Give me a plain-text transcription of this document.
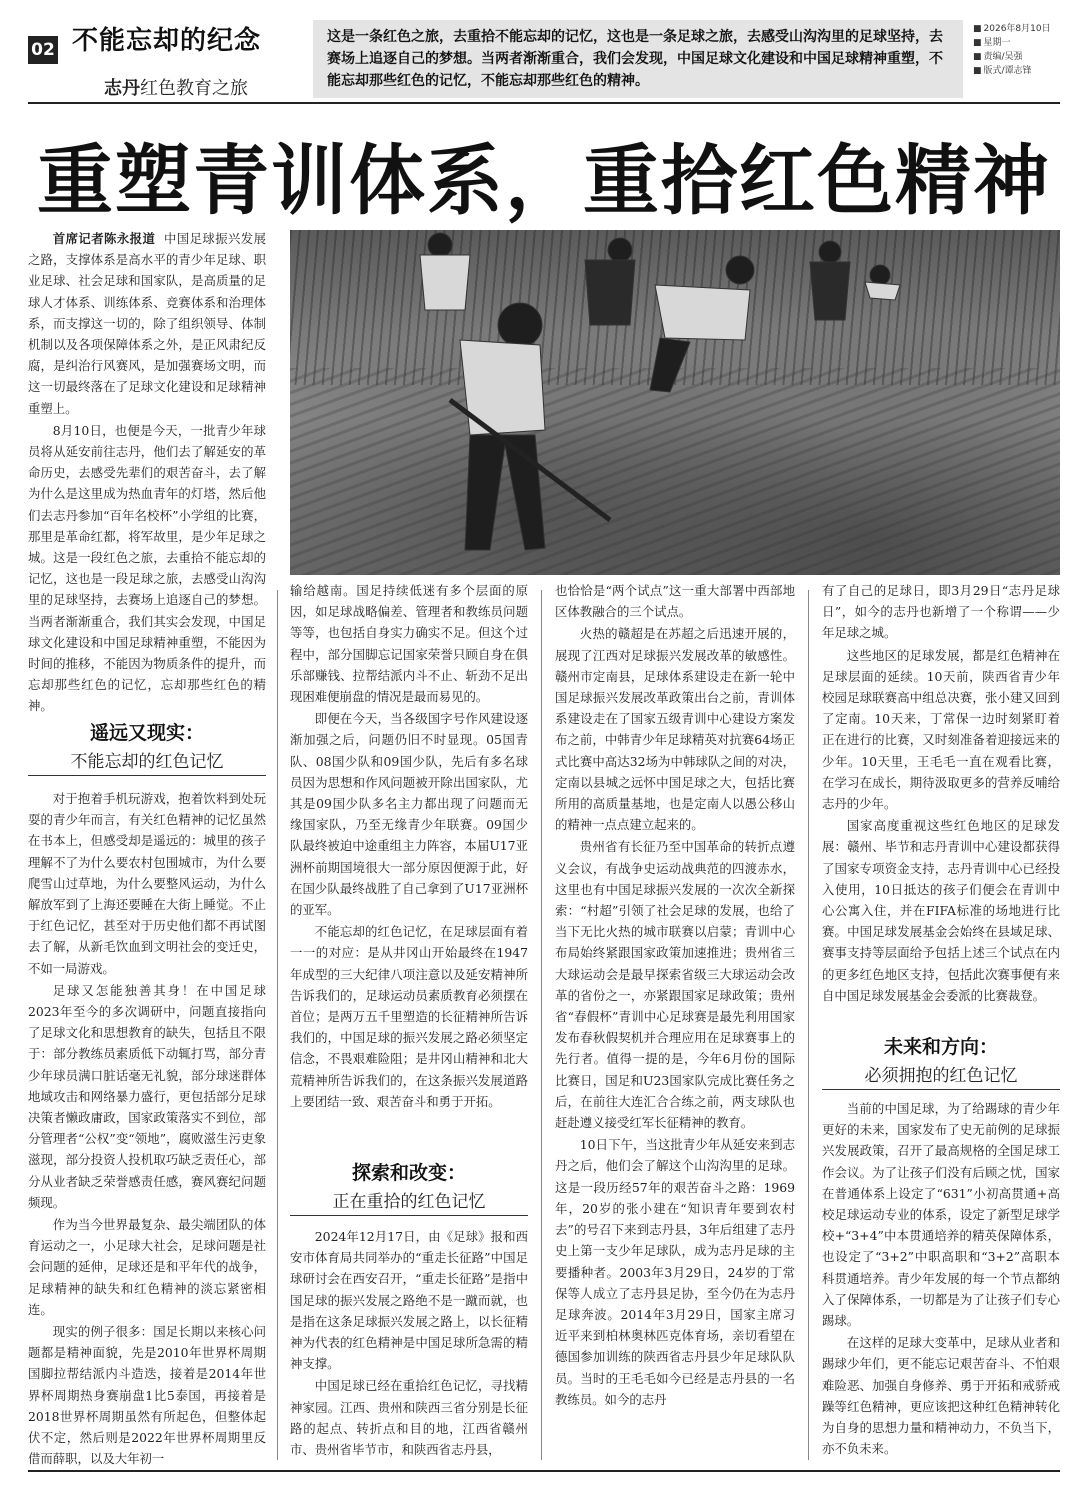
02 不能忘却的纪念
志丹红色教育之旅
这是一条红色之旅，去重拾不能忘却的记忆，这也是一条足球之旅，去感受山沟沟里的足球坚持，去赛场上追逐自己的梦想。当两者渐渐重合，我们会发现，中国足球文化建设和中国足球精神重塑，不能忘却那些红色的记忆，不能忘却那些红色的精神。
■ 2026年8月10日
■ 星期一
■ 责编/吴强
■ 版式/谭志锋
重塑青训体系，重拾红色精神

首席记者陈永报道 中国足球振兴发展之路，支撑体系是高水平的青少年足球、职业足球、社会足球和国家队，是高质量的足球人才体系、训练体系、竞赛体系和治理体系，而支撑这一切的，除了组织领导、体制机制以及各项保障体系之外，是正风肃纪反腐，是纠治行风赛风，是加强赛场文明，而这一切最终落在了足球文化建设和足球精神重塑上。

8月10日，也便是今天，一批青少年球员将从延安前往志丹，他们去了解延安的革命历史，去感受先辈们的艰苦奋斗，去了解为什么是这里成为热血青年的灯塔，然后他们去志丹参加“百年名校杯”小学组的比赛，那里是革命红都，将军故里，是少年足球之城。这是一段红色之旅，去重拾不能忘却的记忆，这也是一段足球之旅，去感受山沟沟里的足球坚持，去赛场上追逐自己的梦想。当两者渐渐重合，我们其实会发现，中国足球文化建设和中国足球精神重塑，不能因为时间的推移，不能因为物质条件的提升，而忘却那些红色的记忆，忘却那些红色的精神。

遥远又现实：
不能忘却的红色记忆

对于抱着手机玩游戏，抱着饮料到处玩耍的青少年而言，有关红色精神的记忆虽然在书本上，但感受却是遥远的：城里的孩子理解不了为什么要农村包围城市，为什么要爬雪山过草地，为什么要整风运动，为什么解放军到了上海还要睡在大街上睡觉。不止于红色记忆，甚至对于历史他们都不再试图去了解，从新毛饮血到文明社会的变迁史，不如一局游戏。

足球又怎能独善其身！在中国足球2023年至今的多次调研中，问题直接指向了足球文化和思想教育的缺失，包括且不限于：部分教练员素质低下动辄打骂，部分青少年球员满口脏话毫无礼貌，部分球迷群体地域攻击和网络暴力盛行，更包括部分足球决策者懒政庸政，国家政策落实不到位，部分管理者“公权”变“领地”，腐败滋生污吏象滋现，部分投资人投机取巧缺乏责任心，部分从业者缺乏荣誉感责任感，赛风赛纪问题频现。

作为当今世界最复杂、最尖端团队的体育运动之一，小足球大社会，足球问题是社会问题的延伸，足球还是和平年代的战争，足球精神的缺失和红色精神的淡忘紧密相连。

现实的例子很多：国足长期以来核心问题都是精神面貌，先是2010年世界杯周期国脚拉帮结派内斗造迭，接着是2014年世界杯周期热身赛崩盘1比5泰国，再接着是2018世界杯周期虽然有所起色，但整体起伏不定，然后则是2022年世界杯周期里反借而薛职，以及大年初一

输给越南。国足持续低迷有多个层面的原因，如足球战略偏差、管理者和教练员问题等等，也包括自身实力确实不足。但这个过程中，部分国脚忘记国家荣誉只顾自身在俱乐部赚钱、拉帮结派内斗不止、斩劲不足出现困难便崩盘的情况是最而易见的。

即便在今天，当各级国字号作风建设逐渐加强之后，问题仍旧不时显现。05国青队、08国少队和09国少队，先后有多名球员因为思想和作风问题被开除出国家队，尤其是09国少队多名主力都出现了问题而无缘国家队，乃至无缘青少年联赛。09国少队最终被迫中途重组主力阵容，本届U17亚洲杯前期国境很大一部分原因便源于此，好在国少队最终战胜了自己拿到了U17亚洲杯的亚军。

不能忘却的红色记忆，在足球层面有着一一的对应：是从井冈山开始最终在1947年成型的三大纪律八项注意以及延安精神所告诉我们的，足球运动员素质教育必须摆在首位；是两万五千里塑造的长征精神所告诉我们的，中国足球的振兴发展之路必须坚定信念，不畏艰难险阻；是井冈山精神和北大荒精神所告诉我们的，在这条振兴发展道路上要团结一致、艰苦奋斗和勇于开拓。

探索和改变：
正在重拾的红色记忆

2024年12月17日，由《足球》报和西安市体育局共同举办的“重走长征路”中国足球研讨会在西安召开，“重走长征路”是指中国足球的振兴发展之路绝不是一蹴而就，也是指在这条足球振兴发展之路上，以长征精神为代表的红色精神是中国足球所急需的精神支撑。

中国足球已经在重拾红色记忆，寻找精神家园。江西、贵州和陕西三省分别是长征路的起点、转折点和目的地，江西省赣州市、贵州省毕节市，和陕西省志丹县，

也恰恰是“两个试点”这一重大部署中西部地区体教融合的三个试点。

火热的赣超是在苏超之后迅速开展的，展现了江西对足球振兴发展改革的敏感性。赣州市定南县，足球体系建设走在新一轮中国足球振兴发展改革政策出台之前，青训体系建设走在了国家五级青训中心建设方案发布之前，中韩青少年足球精英对抗赛64场正式比赛中高达32场为中韩球队之间的对决，定南以县城之远怀中国足球之大，包括比赛所用的高质量基地，也是定南人以愚公移山的精神一点点建立起来的。

贵州省有长征乃至中国革命的转折点遵义会议，有战争史运动战典范的四渡赤水，这里也有中国足球振兴发展的一次次全新探索：“村超”引领了社会足球的发展，也给了当下无比火热的城市联赛以启蒙；青训中心布局始终紧跟国家政策加速推进；贵州省三大球运动会是最早探索省级三大球运动会改革的省份之一，亦紧跟国家足球政策；贵州省“春假杯”青训中心足球赛是最先利用国家发布春秋假契机并合理应用在足球赛事上的先行者。值得一提的是，今年6月份的国际比赛日，国足和U23国家队完成比赛任务之后，在前往大连汇合合练之前，两支球队也赶赴遵义接受红军长征精神的教育。

10日下午，当这批青少年从延安来到志丹之后，他们会了解这个山沟沟里的足球。这是一段历经57年的艰苦奋斗之路：1969年，20岁的张小建在“知识青年要到农村去”的号召下来到志丹县，3年后组建了志丹史上第一支少年足球队，成为志丹足球的主要播种者。2003年3月29日，24岁的丁常保等人成立了志丹县足协，至今仍在为志丹足球奔波。2014年3月29日，国家主席习近平来到柏林奥林匹克体育场，亲切看望在德国参加训练的陕西省志丹县少年足球队队员。当时的王毛毛如今已经是志丹县的一名教练员。如今的志丹

有了自己的足球日，即3月29日“志丹足球日”，如今的志丹也新增了一个称谓——少年足球之城。

这些地区的足球发展，都是红色精神在足球层面的延续。10天前，陕西省青少年校园足球联赛高中组总决赛，张小建又回到了定南。10天来，丁常保一边时刻紧盯着正在进行的比赛，又时刻准备着迎接远来的少年。10天里，王毛毛一直在观看比赛，在学习在成长，期待汲取更多的营养反哺给志丹的少年。

国家高度重视这些红色地区的足球发展：赣州、毕节和志丹青训中心建设都获得了国家专项资金支持，志丹青训中心已经投入使用，10日抵达的孩子们便会在青训中心公寓入住，并在FIFA标准的场地进行比赛。中国足球发展基金会始终在县域足球、赛事支持等层面给予包括上述三个试点在内的更多红色地区支持，包括此次赛事便有来自中国足球发展基金会委派的比赛裁登。

未来和方向：
必须拥抱的红色记忆

当前的中国足球，为了给踢球的青少年更好的未来，国家发布了史无前例的足球振兴发展政策，召开了最高规格的全国足球工作会议。为了让孩子们没有后顾之忧，国家在普通体系上设定了“631”小初高贯通+高校足球运动专业的体系，设定了新型足球学校+“3+4”中本贯通培养的精英保障体系，也设定了“3+2”中职高职和“3+2”高职本科贯通培养。青少年发展的每一个节点都纳入了保障体系，一切都是为了让孩子们专心踢球。

在这样的足球大变革中，足球从业者和踢球少年们，更不能忘记艰苦奋斗、不怕艰难险恶、加强自身修养、勇于开拓和戒骄戒躁等红色精神，更应该把这种红色精神转化为自身的思想力量和精神动力，不负当下，亦不负未来。
